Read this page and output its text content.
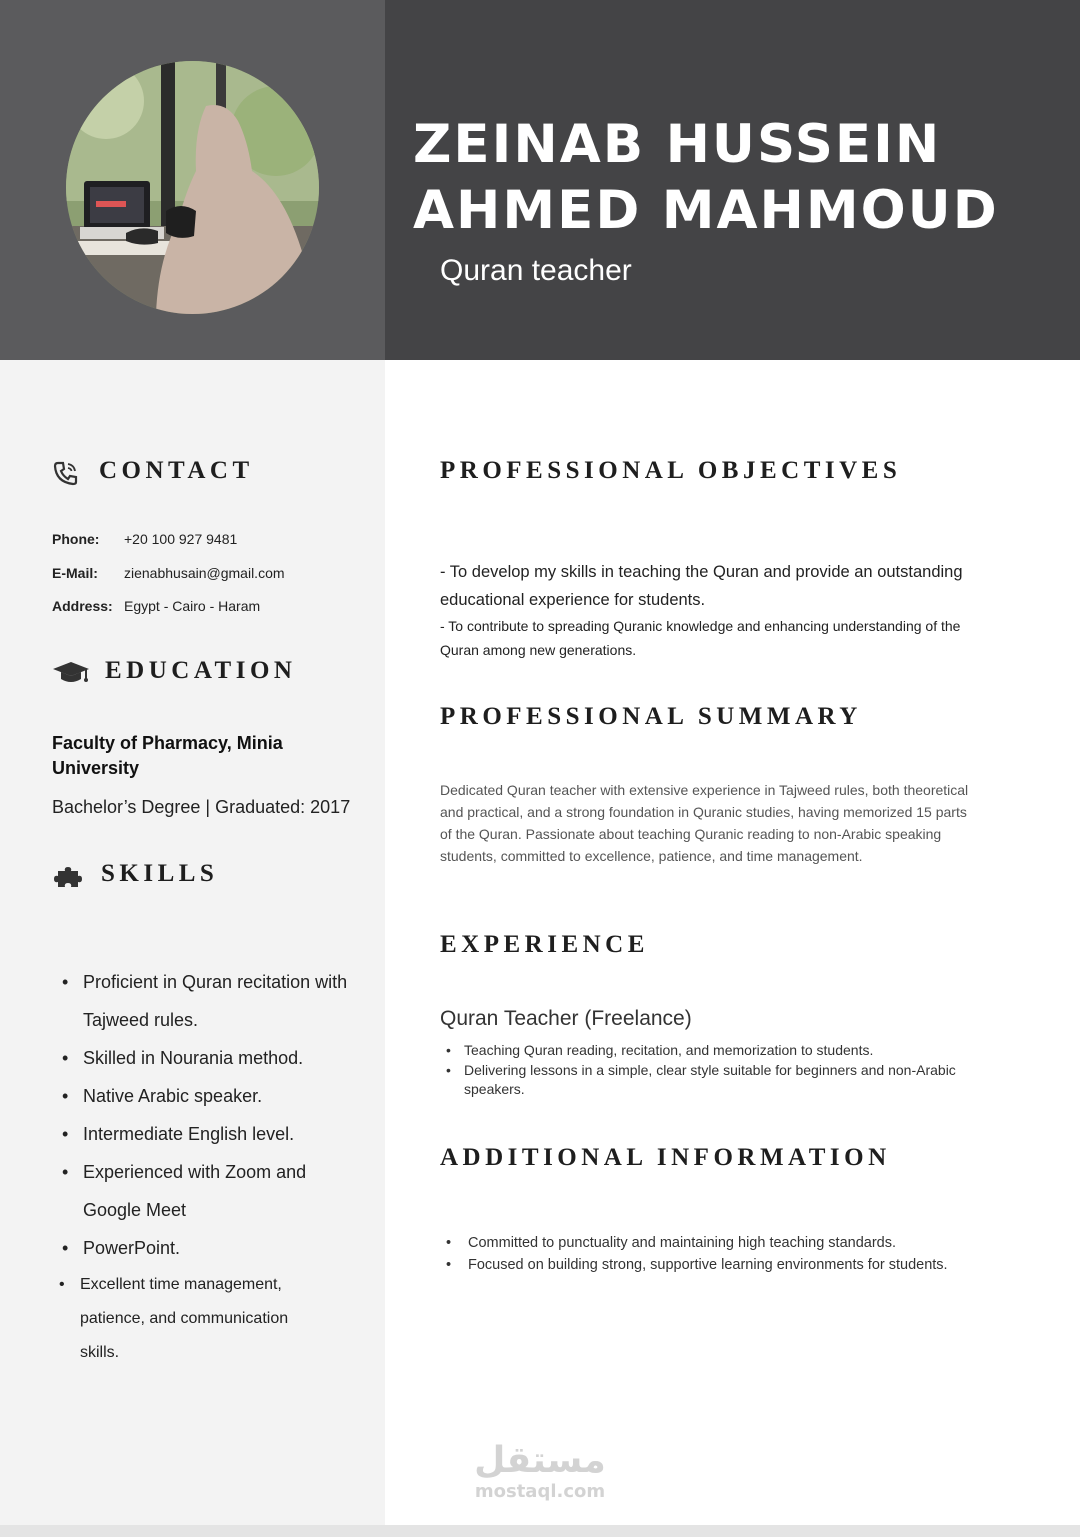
ZEINAB HUSSEIN
AHMED MAHMOUD
Quran teacher
CONTACT
Phone: +20 100 927 9481
E-Mail: zienabhusain@gmail.com
Address: Egypt - Cairo - Haram
EDUCATION
Faculty of Pharmacy, Minia University
Bachelor’s Degree | Graduated: 2017
SKILLS
• Proficient in Quran recitation with Tajweed rules.
• Skilled in Nourania method.
• Native Arabic speaker.
• Intermediate English level.
• Experienced with Zoom and Google Meet
• PowerPoint.
• Excellent time management, patience, and communication skills.
PROFESSIONAL OBJECTIVES
- To develop my skills in teaching the Quran and provide an outstanding educational experience for students.
- To contribute to spreading Quranic knowledge and enhancing understanding of the Quran among new generations.
PROFESSIONAL SUMMARY
Dedicated Quran teacher with extensive experience in Tajweed rules, both theoretical and practical, and a strong foundation in Quranic studies, having memorized 15 parts of the Quran. Passionate about teaching Quranic reading to non-Arabic speaking students, committed to excellence, patience, and time management.
EXPERIENCE
Quran Teacher (Freelance)
• Teaching Quran reading, recitation, and memorization to students.
• Delivering lessons in a simple, clear style suitable for beginners and non-Arabic speakers.
ADDITIONAL INFORMATION
• Committed to punctuality and maintaining high teaching standards.
• Focused on building strong, supportive learning environments for students.
مستقل
mostaql.com
